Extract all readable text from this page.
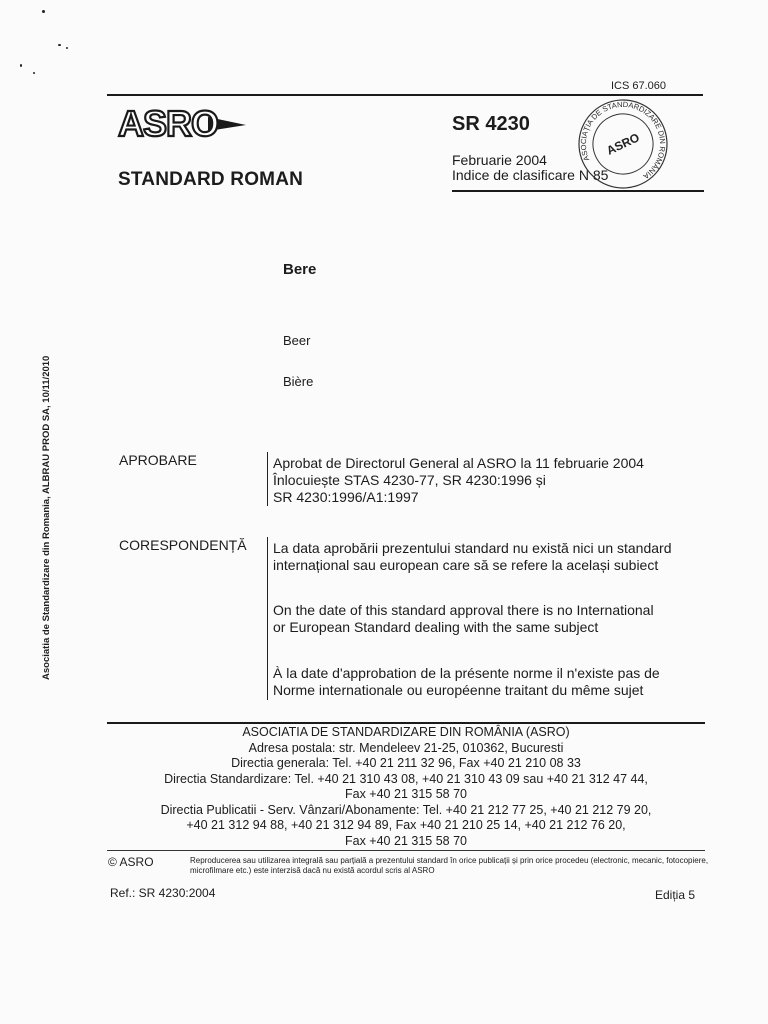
ICS 67.060
ASRO
STANDARD ROMAN
SR 4230
Februarie 2004
Indice de clasificare N 85
ASOCIAȚIA DE STANDARDIZARE DIN ROMÂNIA
ASRO
Bere
Beer
Bière
APROBARE	Aprobat de Directorul General al ASRO la 11 februarie 2004
Înlocuiește STAS 4230-77, SR 4230:1996 și
SR 4230:1996/A1:1997
CORESPONDENȚĂ La data aprobării prezentului standard nu există nici un standard
internațional sau european care să se refere la același subiect
On the date of this standard approval there is no International
or European Standard dealing with the same subject
À la date d'approbation de la présente norme il n'existe pas de
Norme internationale ou européenne traitant du même sujet
Asociatia de Standardizare din Romania, ALBRAU PROD SA, 10/11/2010
ASOCIATIA DE STANDARDIZARE DIN ROMÂNIA (ASRO)
Adresa postala: str. Mendeleev 21-25, 010362, Bucuresti
Directia generala: Tel. +40 21 211 32 96, Fax +40 21 210 08 33
Directia Standardizare: Tel. +40 21 310 43 08, +40 21 310 43 09 sau +40 21 312 47 44,
Fax +40 21 315 58 70
Directia Publicatii - Serv. Vânzari/Abonamente: Tel. +40 21 212 77 25, +40 21 212 79 20,
+40 21 312 94 88, +40 21 312 94 89, Fax +40 21 210 25 14, +40 21 212 76 20,
Fax +40 21 315 58 70
© ASRO	Reproducerea sau utilizarea integrală sau parțială a prezentului standard în orice publicații și prin orice procedeu (electronic, mecanic, fotocopiere, microfilmare etc.) este interzisă dacă nu există acordul scris al ASRO
Ref.: SR 4230:2004	Ediția 5
